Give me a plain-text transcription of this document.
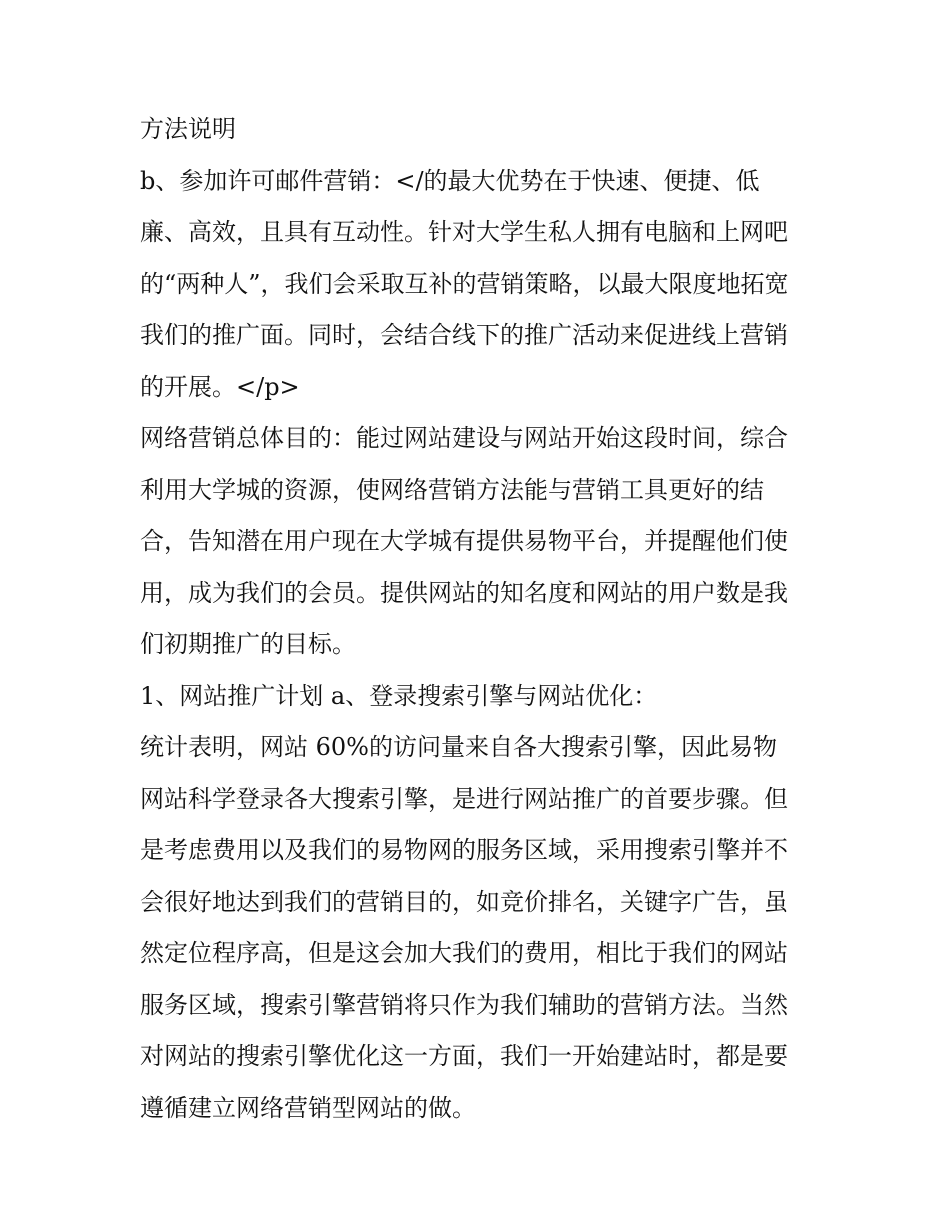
方法说明
b、参加许可邮件营销：</的最大优势在于快速、便捷、低
廉、高效，且具有互动性。针对大学生私人拥有电脑和上网吧
的“两种人”，我们会采取互补的营销策略，以最大限度地拓宽
我们的推广面。同时，会结合线下的推广活动来促进线上营销
的开展。</p>
网络营销总体目的：能过网站建设与网站开始这段时间，综合
利用大学城的资源，使网络营销方法能与营销工具更好的结
合，告知潜在用户现在大学城有提供易物平台，并提醒他们使
用，成为我们的会员。提供网站的知名度和网站的用户数是我
们初期推广的目标。
1、网站推广计划 a、登录搜索引擎与网站优化：
统计表明，网站 60%的访问量来自各大搜索引擎，因此易物
网站科学登录各大搜索引擎，是进行网站推广的首要步骤。但
是考虑费用以及我们的易物网的服务区域，采用搜索引擎并不
会很好地达到我们的营销目的，如竞价排名，关键字广告，虽
然定位程序高，但是这会加大我们的费用，相比于我们的网站
服务区域，搜索引擎营销将只作为我们辅助的营销方法。当然
对网站的搜索引擎优化这一方面，我们一开始建站时，都是要
遵循建立网络营销型网站的做。
